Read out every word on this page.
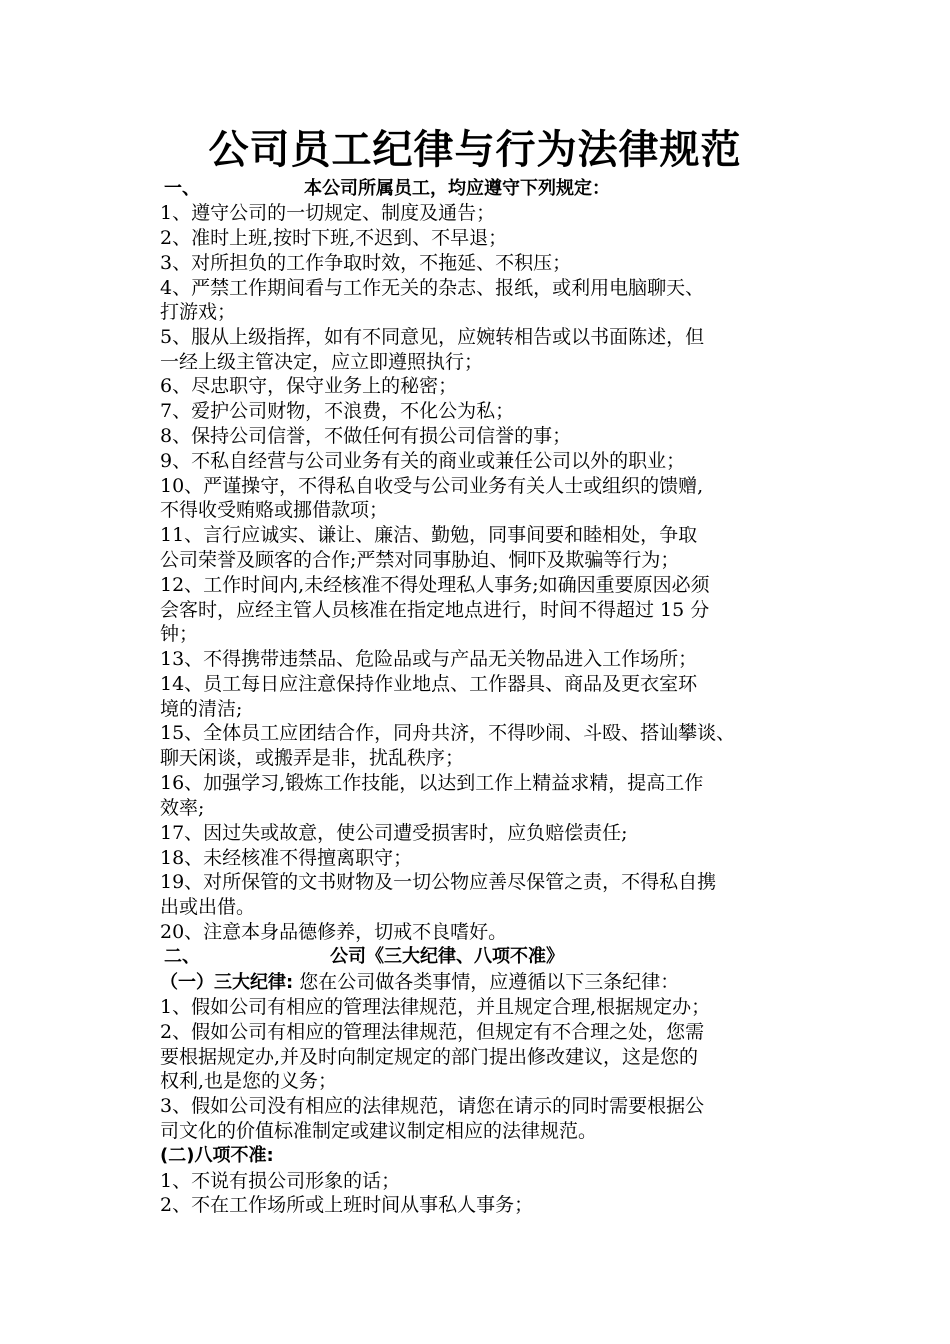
公司员工纪律与行为法律规范
一、	本公司所属员工，均应遵守下列规定：
1、遵守公司的一切规定、制度及通告；
2、准时上班,按时下班,不迟到、不早退；
3、对所担负的工作争取时效，不拖延、不积压；
4、严禁工作期间看与工作无关的杂志、报纸，或利用电脑聊天、
打游戏；
5、服从上级指挥，如有不同意见，应婉转相告或以书面陈述，但
一经上级主管决定，应立即遵照执行；
6、尽忠职守，保守业务上的秘密；
7、爱护公司财物，不浪费，不化公为私；
8、保持公司信誉，不做任何有损公司信誉的事；
9、不私自经营与公司业务有关的商业或兼任公司以外的职业；
10、严谨操守，不得私自收受与公司业务有关人士或组织的馈赠,
不得收受贿赂或挪借款项；
11、言行应诚实、谦让、廉洁、勤勉，同事间要和睦相处，争取
公司荣誉及顾客的合作;严禁对同事胁迫、恫吓及欺骗等行为；
12、工作时间内,未经核准不得处理私人事务;如确因重要原因必须
会客时，应经主管人员核准在指定地点进行，时间不得超过 15 分
钟；
13、不得携带违禁品、危险品或与产品无关物品进入工作场所；
14、员工每日应注意保持作业地点、工作器具、商品及更衣室环
境的清洁;
15、全体员工应团结合作，同舟共济，不得吵闹、斗殴、搭讪攀谈、
聊天闲谈，或搬弄是非，扰乱秩序；
16、加强学习,锻炼工作技能，以达到工作上精益求精，提高工作
效率;
17、因过失或故意，使公司遭受损害时，应负赔偿责任;
18、未经核准不得擅离职守；
19、对所保管的文书财物及一切公物应善尽保管之责，不得私自携
出或出借。
20、注意本身品德修养，切戒不良嗜好。
二、	公司《三大纪律、八项不准》
（一）三大纪律: 您在公司做各类事情，应遵循以下三条纪律：
1、假如公司有相应的管理法律规范，并且规定合理,根据规定办；
2、假如公司有相应的管理法律规范，但规定有不合理之处，您需
要根据规定办,并及时向制定规定的部门提出修改建议，这是您的
权利,也是您的义务；
3、假如公司没有相应的法律规范，请您在请示的同时需要根据公
司文化的价值标准制定或建议制定相应的法律规范。
(二)八项不准:
1、不说有损公司形象的话；
2、不在工作场所或上班时间从事私人事务；
